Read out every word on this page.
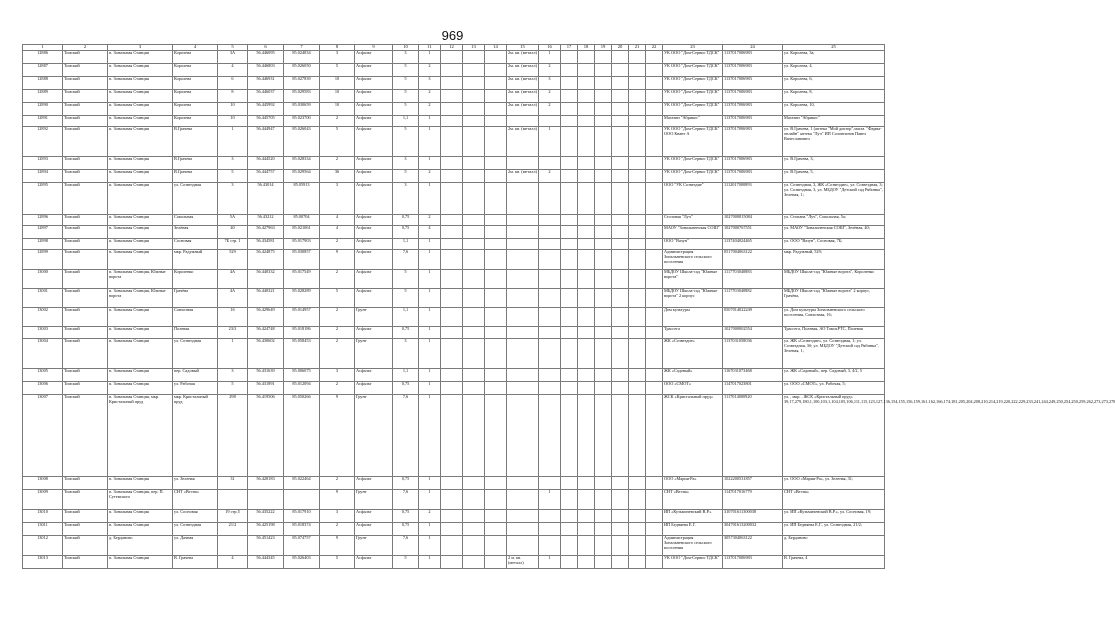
969
1	2	3	4	5	6	7	8	9	10	11	12	13	14	15	16	17	18	19	20	21	22	23	24	25
12886	Томский	п. Зональная Станция	Королева	3А	56.446095	85.024834	3	Асфальт	3	1				2м. кв. (металл)	1							УК ООО "Дом-Сервис ТДСК"	1137017006983	ул. Королева, 3а,
12887	Томский	п. Зональная Станция	Королева	4	56.446803	85.026050	5	Асфальт	5	2				2м. кв. (металл)	2							УК ООО "Дом-Сервис ТДСК"	1137017006983	ул. Королева, 4,
12888	Томский	п. Зональная Станция	Королева	6	56.446931	85.027839	10	Асфальт	5	3				2м. кв. (металл)	3							УК ООО "Дом-Сервис ТДСК"	1137017006983	ул. Королева, 6,
12889	Томский	п. Зональная Станция	Королева	8	56.446037	85.029583	10	Асфальт	5	2				2м. кв. (металл)	2							УК ООО "Дом-Сервис ТДСК"	1137017006983	ул. Королева, 8,
12890	Томский	п. Зональная Станция	Королева	10	56.445992	85.030659	10	Асфальт	5	2				2м. кв. (металл)	2							УК ООО "Дом-Сервис ТДСК"	1137017006983	ул. Королева, 10,
12891	Томский	п. Зональная Станция	Королева	10	56.445705	85.023700	2	Асфальт	1,1	1												Магазин "Абрикос"	1137017006983	Магазин "Абрикос"
12892	Томский	п. Зональная Станция	В.Грачева	1	56.444947	85.026043	5	Асфальт	5	1				2м. кв. (металл)	1							УК ООО "Дом-Сервис ТДСК" ООО Квант А	1137017006983	ул. В.Грачева, 1 (аптека "Мой доктор",магаз. "Фарма-онлайн" аптека "Луч" ИП Солонгинов Павел Вячеславович
12893	Томский	п. Зональная Станция	В.Грачева	3	56.444520	85.028334	2	Асфальт	3	1												УК ООО "Дом-Сервис ТДСК"	1137017006983	ул. В.Грачева, 3,
12894	Томский	п. Зональная Станция	В.Грачева	5	56.444757	85.029564	36	Асфальт	5	2				2м. кв. (металл)	2							УК ООО "Дом-Сервис ТДСК"	1137017006983	ул. В.Грачева, 5,
12895	Томский	п. Зональная Станция	ул. Созвездная	3	56.43014	85.05913	3	Асфальт	3	1												ООО "УК Созвездие"	1112017000893	ул. Созвездная, 3, ЖК «Созвездие», ул. Созвездная, 3; ул. Созвездная, 3, ул. МБДОУ "Детский сад Рябинка", Зеленая, 1;
12896	Томский	п. Зональная Станция	Сокольная	5А	56.43212	85.00704	4	Асфальт	0,75	2												Столовая "Луч"	1027000815084	ул. Стопана "Луч", Сокольная, 5а;
12897	Томский	п. Зональная Станция	Зелёная	40	56.427963	85.021061	4	Асфальт	0,75	4												МАОУ "Зональненская СОШ"	1027000767551	ул. МАОУ "Зональненская СОШ", Зелёная, 40;
12898	Томский	п. Зональная Станция	Сосновая	7Б стр. 1	56.434581	85.017903	2	Асфальт	1,1	1												ООО "Вазун"	1137404024465	ул. ООО "Вазун", Сосновая, 7Б;
12899	Томский	п. Зональная Станция	мкр. Радужный	529	56.424875	85.030857	9	Асфальт	7,6	1												Администрация Зональненского сельского поселения	0517004063122	мкр. Радужный, 529;
13000	Томский	п. Зональная Станция, Южные ворота	Короленко	4А	56.440332	85.017549	2	Асфальт	5	1												МБДОУ Школа-сад "Южные ворота"	1117703040883	МБДОУ Школа-сад "Южные ворота", Короленко
13001	Томский	п. Зональная Станция, Южные ворота	Грачёва	4А	56.440321	85.028289	5	Асфальт	5	1												МБДОУ Школа-сад "Южные ворота" 2 корпус	1117703040882	МБДОУ Школа-сад "Южные ворота" 2 корпус, Грачёва,
13002	Томский	п. Зональная Станция	Совхозная	16	56.429649	85.014957	2	Грунт	1,1	1												Дом культуры	0507014022249	ул. Дом культуры Зональненского сельского поселения, Совхозная, 16;
13003	Томский	п. Зональная Станция	Полевая	23/3	56.424748	85.018186	2	Асфальт	0,75	1												Трассега	1027000002554	Трассега, Полевая, АО ТомскРТС, Полевая
13004	Томский	п. Зональная Станция	ул. Созвездная	1	56.430602	85.058453	2	Грунт	3	1												ЖК «Созвездие»	1137031058036	ул. ЖК «Созвездие», ул. Созвездная, 1; ул. Созвездная, 3б; ул. МБДОУ "Детский сад Рябинка", Зеленая, 1;
13005	Томский	п. Зональная Станция	пер. Садовый	3	56.431639	85.006075	3	Асфальт	1,1	1												ЖК «Садовый»	1167031073468	ул. ЖК «Садовый», пер. Садовый, 3, 4/2, 5
13006	Томский	п. Зональная Станция	ул. Рабочая	5	56.431891	85.012094	2	Асфальт	0,75	1												ООО «СМОТ»	1147017023801	ул. ООО «СМОТ», ул. Рабочая, 5;
13007	Томский	п. Зональная Станция, мкр. Кристальный пруд	мкр. Кристальный пруд	298	56.419506	85.050266	9	Грунт	7,6	1												ЖСК «Кристальный пруд»	1117014000920	ул. , мкр. , ЖСК «Кристальный пруд» 39,17,279,180,1,100,103,1,104,105,106,111,115,123,127,136,154,155,156,159,161,162,166,174,181,205,204,208,210,214,219,220,222,229,233,241,244,249,250,254,250,259,262,273,273,278
13008	Томский	п. Зональная Станция	ул. Зеленая	31	56.428183	85.022464	2	Асфальт	0,75	1												ООО «Мария-Ра»	1022200531857	ул. ООО «Мария-Ра», ул. Зеленая, 31;
13009	Томский	п. Зональная Станция, пер. П. Сутемского	СНТ «Весна»				9	Грунт	7,6	1					1							СНТ «Весна»	1147017016779	СНТ «Весна»
13010	Томский	п. Зональная Станция	ул. Сосновая	19 стр.5	56.435222	85.017910	3	Асфальт	0,75	2												ИП «Кузьмичевский В.Р.»	310701611300038	ул. ИП «Кузьмичевский В.Р.», ул. Сосновая, 19;
13011	Томский	п. Зональная Станция	ул. Созвездная	21/2	56.425198	85.018374	2	Асфальт	0,75	1												ИП Бедняева Е.Г.	304701613200032	ул. ИП Бедняева Е.Г., ул. Созвездная, 21/2;
13012	Томский	д. Берданово	ул. Дачная		56.451423	85.074757	9	Грунт	7,6	1												Администрация Зональненского сельского поселения	3057304063122	д. Берданово
13013	Томский	п. Зональная Станция	В. Грачева	4	56.444345	85.026403	5	Асфальт	5	1				2 м. кв. (металл)	1							УК ООО "Дом-Сервис ТДСК"	1137017006983	В. Грачева, 4
